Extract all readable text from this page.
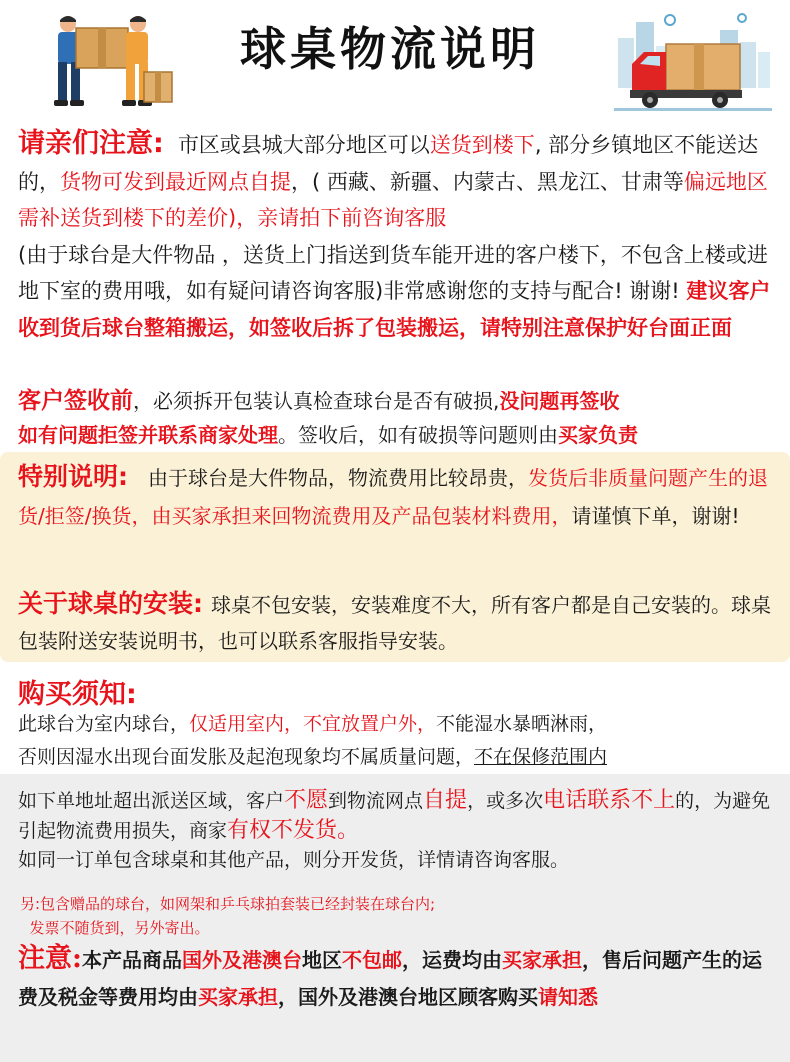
球桌物流说明
请亲们注意: 市区或县城大部分地区可以送货到楼下, 部分乡镇地区不能送达的，货物可发到最近网点自提，( 西藏、新疆、内蒙古、黑龙江、甘肃等偏远地区需补送货到楼下的差价)，亲请拍下前咨询客服
(由于球台是大件物品 ，送货上门指送到货车能开进的客户楼下，不包含上楼或进地下室的费用哦，如有疑问请咨询客服)非常感谢您的支持与配合! 谢谢! 建议客户收到货后球台整箱搬运，如签收后拆了包装搬运，请特别注意保护好台面正面
客户签收前，必须拆开包装认真检查球台是否有破损,没问题再签收
如有问题拒签并联系商家处理。签收后，如有破损等问题则由买家负责
特别说明: 由于球台是大件物品，物流费用比较昂贵，发货后非质量问题产生的退货/拒签/换货，由买家承担来回物流费用及产品包装材料费用，请谨慎下单，谢谢!
关于球桌的安装: 球桌不包安装，安装难度不大，所有客户都是自己安装的。球桌包装附送安装说明书，也可以联系客服指导安装。
购买须知:
此球台为室内球台，仅适用室内，不宜放置户外，不能湿水暴晒淋雨，
否则因湿水出现台面发胀及起泡现象均不属质量问题，不在保修范围内
如下单地址超出派送区域，客户不愿到物流网点自提，或多次电话联系不上的，为避免引起物流费用损失，商家有权不发货。
如同一订单包含球桌和其他产品，则分开发货，详情请咨询客服。
另:包含赠品的球台，如网架和乒乓球拍套装已经封装在球台内;
发票不随货到，另外寄出。
注意:本产品商品国外及港澳台地区不包邮，运费均由买家承担，售后问题产生的运费及税金等费用均由买家承担，国外及港澳台地区顾客购买请知悉
